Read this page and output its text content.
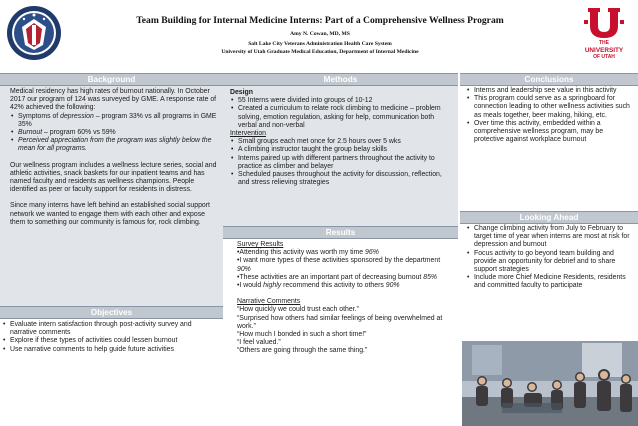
Team Building for Internal Medicine Interns: Part of a Comprehensive Wellness Program
Amy N. Cowan, MD, MS
Salt Lake City Veterans Administration Health Care System
University of Utah Graduate Medical Education, Department of Internal Medicine
THE
UNIVERSITY
OF UTAH
Background

Medical residency has high rates of burnout nationally. In October 2017 our program of 124 was surveyed by GME. A response rate of 42% achieved the following:

• Symptoms of depression – program 33% vs all programs in GME 35%
• Burnout – program 60% vs 59%
• Perceived appreciation from the program was slightly below the mean for all programs.

Our wellness program includes a wellness lecture series, social and athletic activities, snack baskets for our inpatient teams and has named faculty and residents as wellness champions. People identified as peer or faculty support for residents in distress.

Since many interns have left behind an established social support network we wanted to engage them with each other and expose them to something our community is famous for, rock climbing.

Objectives
• Evaluate intern satisfaction through post-activity survey and narrative comments
• Explore if these types of activities could lessen burnout
• Use narrative comments to help guide future activities
Methods

Design

• 55 Interns were divided into groups of 10-12
• Created a curriculum to relate rock climbing to medicine – problem solving, emotion regulation, asking for help, communication both verbal and non-verbal

Intervention

• Small groups each met once for 2.5 hours over 5 wks
• A climbing instructor taught the group belay skills
• Interns paired up with different partners throughout the activity to practice as climber and belayer
• Scheduled pauses throughout the activity for discussion, reflection, and stress relieving strategies
Results

Survey Results

•Attending this activity was worth my time 96%

•I want more types of these activities sponsored by the department 90%

•These activities are an important part of decreasing burnout 85%

•I would highly recommend this activity to others 90%

Narrative Comments

“How quickly we could trust each other.”

“Surprised how others had similar feelings of being overwhelmed at work.”

“How much I bonded in such a short time!”

“I feel valued.”

“Others are going through the same thing.”

Conclusions
• Interns and leadership see value in this activity
• This program could serve as a springboard for connection leading to other wellness activities such as meals together, beer making, hiking, etc.
• Over time this activity, embedded within a comprehensive wellness program, may be protective against workplace burnout
Looking Ahead
• Change climbing activity from July to February to target time of year when interns are most at risk for depression and burnout
• Focus activity to go beyond team building and provide an opportunity for debrief and to share support strategies
• Include more Chief Medicine Residents, residents and committed faculty to participate
